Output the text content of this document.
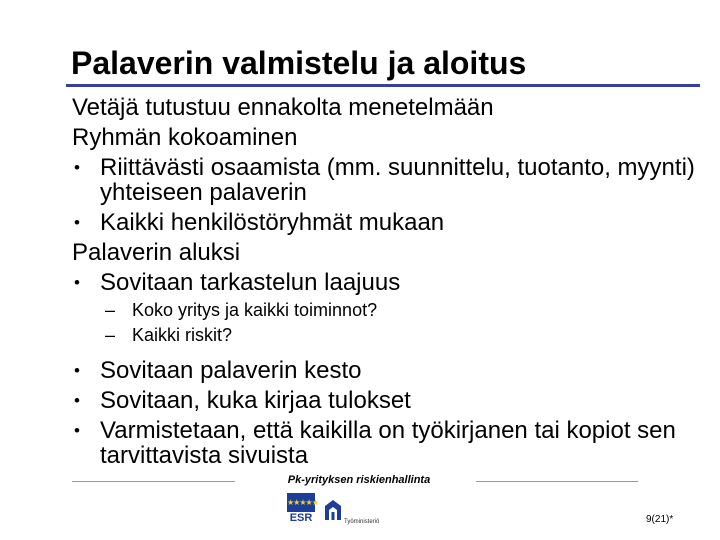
Palaverin valmistelu ja aloitus
Vetäjä tutustuu ennakolta menetelmään
Ryhmän kokoaminen
• Riittävästi osaamista (mm. suunnittelu, tuotanto, myynti) yhteiseen palaverin
• Kaikki henkilöstöryhmät mukaan
Palaverin aluksi
• Sovitaan tarkastelun laajuus
– Koko yritys ja kaikki toiminnot?
– Kaikki riskit?
• Sovitaan palaverin kesto
• Sovitaan, kuka kirjaa tulokset
• Varmistetaan, että kaikilla on työkirjanen tai kopiot sen tarvittavista sivuista
Pk-yrityksen riskienhallinta
★★★★★
ESR	Työministeriö	9(21)*
